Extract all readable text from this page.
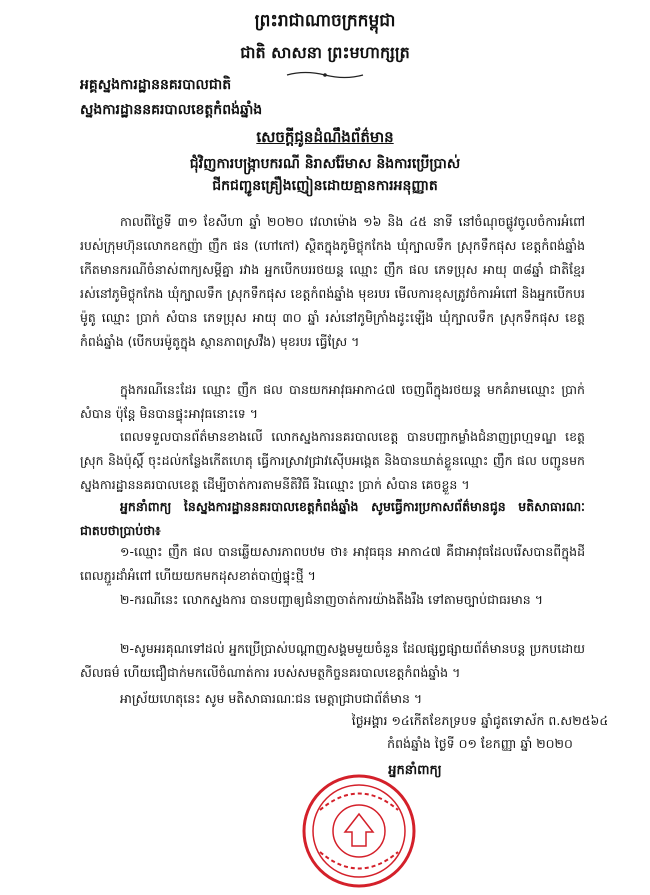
ព្រះរាជាណាចក្រកម្ពុជា
ជាតិ សាសនា ព្រះមហាក្សត្រ
អគ្គស្នងការដ្ឋាននគរបាលជាតិ
ស្នងការដ្ឋាននគរបាលខេត្តកំពង់ឆ្នាំង
សេចក្តីជូនដំណឹងព័ត៌មាន
ជុំវិញការបង្ក្រាបករណី និរាសរ៉ែមាស និងការប្រើប្រាស់
ជីកជញ្ជូនគ្រឿងញៀនដោយគ្មានការអនុញ្ញាត
កាលពីថ្ងៃទី ៣១ ខែសីហា ឆ្នាំ ២០២០ វេលាម៉ោង ១៦ និង ៤៥ នាទី នៅចំណុចផ្លូវចូលចំការអំពៅរបស់ក្រុមហ៊ុនលោកឧកញ៉ា ញឹក ផន (ហៅកៅ) ស្ថិតក្នុងភូមិថ្លុកកែង ឃុំក្បាលទឹក ស្រុកទឹកផុស ខេត្តកំពង់ឆ្នាំង កើតមានករណីចំនាស់ពាក្យសម្តីគ្នា រវាង អ្នកបើកបររថយន្ត ឈ្មោះ ញឹក ផល ភេទប្រុស អាយុ ៣៨ឆ្នាំ ជាតិខ្មែរ រស់នៅភូមិថ្លុកកែង ឃុំក្បាលទឹក ស្រុកទឹកផុស ខេត្តកំពង់ឆ្នាំង មុខរបរ មើលការខុសត្រូវចំការអំពៅ និងអ្នកបើកបរម៉ូតូ ឈ្មោះ ប្រាក់ សំបាន ភេទប្រុស អាយុ ៣០ ឆ្នាំ រស់នៅភូមិក្រាំងដូះឡើង ឃុំក្បាលទឹក ស្រុកទឹកផុស ខេត្តកំពង់ឆ្នាំង (បើកបរម៉ូតូក្នុង ស្ថានភាពស្រវឹង) មុខរបរ ធ្វើស្រែ ។
ក្នុងករណីនេះដែរ ឈ្មោះ ញឹក ផល បានយកអាវុធអាកា៤៧ ចេញពីក្នុងរថយន្ត មកគំរាមឈ្មោះ ប្រាក់ សំបាន ប៉ុន្តែ មិនបានផ្ទុះអាវុធនោះទេ ។
ពេលទទួលបានព័ត៌មានខាងលើ លោកស្នងការនគរបាលខេត្ត បានបញ្ជាកម្លាំងជំនាញព្រហ្មទណ្ឌ ខេត្ត ស្រុក និងប៉ុស្តិ៍ ចុះដល់កន្លែងកើតហេតុ ធ្វើការស្រាវជ្រាវស៊ើបអង្កេត និងបានឃាត់ខ្លួនឈ្មោះ ញឹក ផល បញ្ជូនមកស្នងការដ្ឋាននគរបាលខេត្ត ដើម្បីចាត់ការតាមនីតិវិធី រីឯឈ្មោះ ប្រាក់ សំបាន គេចខ្លួន ។
អ្នកនាំពាក្យ នៃស្នងការដ្ឋាននគរបាលខេត្តកំពង់ឆ្នាំង សូមធ្វើការប្រកាសព័ត៌មានជូន មតិសាធារណៈជាតបថាប្រាប់ថា៖
១-ឈ្មោះ ញឹក ផល បានឆ្លើយសារភាពបឋម ថា៖ អាវុធធុន អាកា៤៧ គឺជាអាវុធដែលរើសបានពីក្នុងដីពេលភ្ជួរដាំអំពៅ ហើយយកមកដុសខាត់បាញ់ផ្ទុះថ្មី ។
២-ករណីនេះ លោកស្នងការ បានបញ្ជាឲ្យជំនាញចាត់ការយ៉ាងតឹងរឹង ទៅតាមច្បាប់ជាធរមាន ។
២-សូមអរគុណទៅដល់ អ្នកប្រើប្រាស់បណ្តាញសង្គមមួយចំនួន ដែលផ្សព្វផ្សាយព័ត៌មានបន្ត ប្រកបដោយសីលធម៌ ហើយជឿជាក់មកលើចំណាត់ការ របស់សមត្ថកិច្ចនគរបាលខេត្តកំពង់ឆ្នាំង ។
អាស្រ័យហេតុនេះ សូម មតិសាធារណៈជន មេត្តាជ្រាបជាព័ត៌មាន ។
ថ្ងៃអង្គារ ១៤កើតខែភទ្របទ ឆ្នាំជូតទោស័ក ព.ស២៥៦៤
កំពង់ឆ្នាំង ថ្ងៃទី ០១ ខែកញ្ញា ឆ្នាំ ២០២០
អ្នកនាំពាក្យ
